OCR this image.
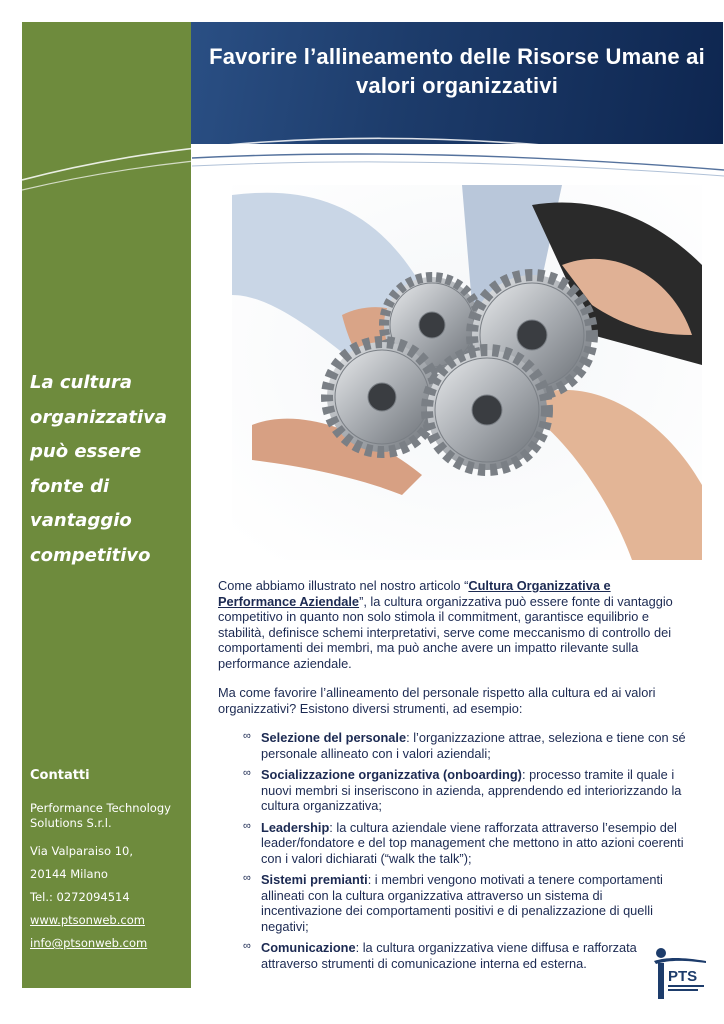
Favorire l’allineamento delle Risorse Umane ai valori organizzativi

La cultura organizzativa può essere fonte di vantaggio competitivo

Contatti
Performance Technology Solutions S.r.l.
Via Valparaiso 10,
20144 Milano
Tel.: 0272094514
www.ptsonweb.com
info@ptsonweb.com

Come abbiamo illustrato nel nostro articolo “Cultura Organizzativa e Performance Aziendale”, la cultura organizzativa può essere fonte di vantaggio competitivo in quanto non solo stimola il commitment, garantisce equilibrio e stabilità, definisce schemi interpretativi, serve come meccanismo di controllo dei comportamenti dei membri, ma può anche avere un impatto rilevante sulla performance aziendale.

Ma come favorire l’allineamento del personale rispetto alla cultura ed ai valori organizzativi? Esistono diversi strumenti, ad esempio:

∞ Selezione del personale: l’organizzazione attrae, seleziona e tiene con sé personale allineato con i valori aziendali;
∞ Socializzazione organizzativa (onboarding): processo tramite il quale i nuovi membri si inseriscono in azienda, apprendendo ed interiorizzando la cultura organizzativa;
∞ Leadership: la cultura aziendale viene rafforzata attraverso l’esempio del leader/fondatore e del top management che mettono in atto azioni coerenti con i valori dichiarati (“walk the talk”);
∞ Sistemi premianti: i membri vengono motivati a tenere comportamenti allineati con la cultura organizzativa attraverso un sistema di incentivazione dei comportamenti positivi e di penalizzazione di quelli negativi;
∞ Comunicazione: la cultura organizzativa viene diffusa e rafforzata attraverso strumenti di comunicazione interna ed esterna.
PTS
